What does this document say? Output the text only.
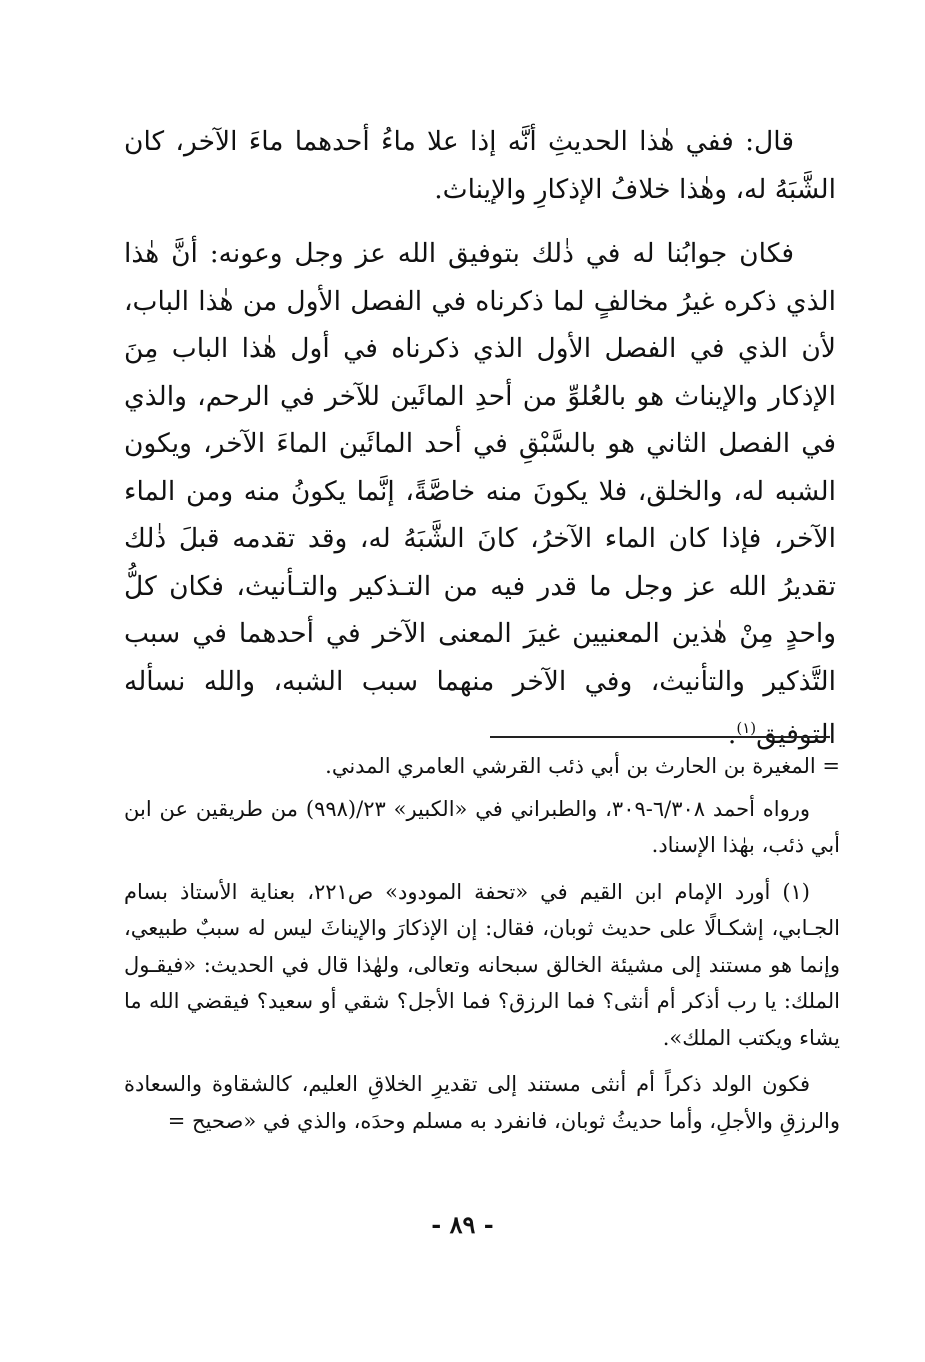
قال: ففي هٰذا الحديثِ أنَّه إذا علا ماءُ أحدهما ماءَ الآخر، كان الشَّبَهُ له، وهٰذا خلافُ الإذكارِ والإيناث.

فكان جوابُنا له في ذٰلك بتوفيق الله عز وجل وعونه: أنَّ هٰذا الذي ذكره غيرُ مخالفٍ لما ذكرناه في الفصل الأول من هٰذا الباب، لأن الذي في الفصل الأول الذي ذكرناه في أول هٰذا الباب مِنَ الإذكار والإيناث هو بالعُلوِّ من أحدِ المائَين للآخر في الرحم، والذي في الفصل الثاني هو بالسَّبْقِ في أحد المائَين الماءَ الآخر، ويكون الشبه له، والخلق، فلا يكونَ منه خاصَّةً، إنَّما يكونُ منه ومن الماء الآخر، فإذا كان الماء الآخرُ، كانَ الشَّبَهُ له، وقد تقدمه قبلَ ذٰلك تقديرُ الله عز وجل ما قدر فيه من التـذكير والتـأنيث، فكان كلُّ واحدٍ مِنْ هٰذين المعنيين غيرَ المعنى الآخر في أحدهما في سبب التَّذكير والتأنيث، وفي الآخر منهما سبب الشبه، والله نسأله التوفيق$^{(١)}$.

= المغيرة بن الحارث بن أبي ذئب القرشي العامري المدني.

ورواه أحمد ٦/٣٠٨-٣٠٩، والطبراني في «الكبير» ٢٣/(٩٩٨) من طريقين عن ابن أبي ذئب، بهٰذا الإسناد.

(١) أورد الإمام ابن القيم في «تحفة المودود» ص٢٢١، بعناية الأستاذ بسام الجـابي، إشكـالًا على حديث ثوبان، فقال: إن الإذكارَ والإيناثَ ليس له سببٌ طبيعي، وإنما هو مستند إلى مشيئة الخالق سبحانه وتعالى، ولهٰذا قال في الحديث: «فيقـول الملك: يا رب أذكر أم أنثى؟ فما الرزق؟ فما الأجل؟ شقي أو سعيد؟ فيقضي الله ما يشاء ويكتب الملك».

فكون الولد ذكراً أم أنثى مستند إلى تقديرِ الخلاقِ العليم، كالشقاوة والسعادة والرزقِ والأجلِ، وأما حديثُ ثوبان، فانفرد به مسلم وحدَه، والذي في «صحيح =

- ٨٩ -
